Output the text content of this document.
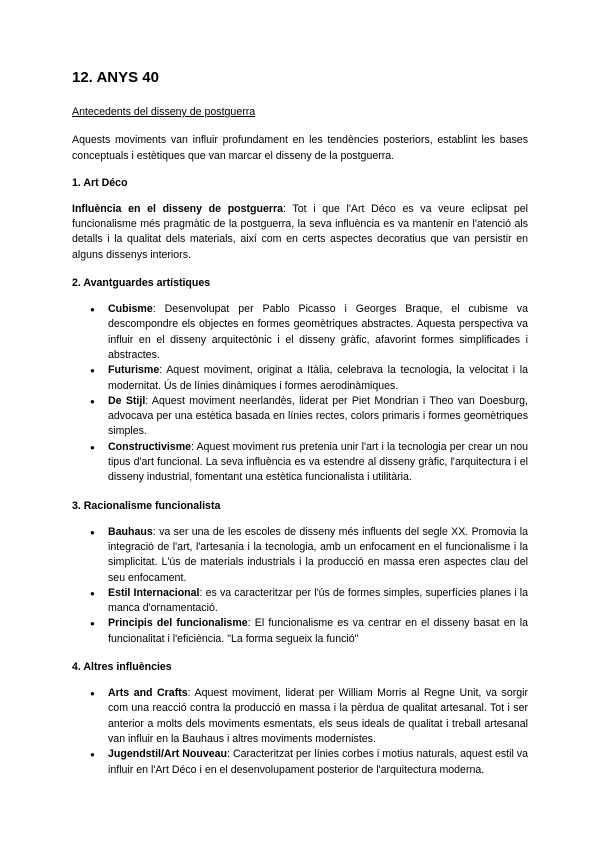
12. ANYS 40

Antecedents del disseny de postguerra

Aquests moviments van influir profundament en les tendències posteriors, establint les bases conceptuals i estètiques que van marcar el disseny de la postguerra.

1. Art Déco

Influència en el disseny de postguerra: Tot i que l'Art Déco es va veure eclipsat pel funcionalisme més pragmàtic de la postguerra, la seva influència es va mantenir en l'atenció als detalls i la qualitat dels materials, així com en certs aspectes decoratius que van persistir en alguns dissenys interiors.

2. Avantguardes artístiques
● Cubisme: Desenvolupat per Pablo Picasso i Georges Braque, el cubisme va descompondre els objectes en formes geomètriques abstractes. Aquesta perspectiva va influir en el disseny arquitectònic i el disseny gràfic, afavorint formes simplificades i abstractes.
● Futurisme: Aquest moviment, originat a Itàlia, celebrava la tecnologia, la velocitat i la modernitat. Ús de línies dinàmiques i formes aerodinàmiques.
● De Stijl: Aquest moviment neerlandès, liderat per Piet Mondrian i Theo van Doesburg, advocava per una estètica basada en línies rectes, colors primaris i formes geomètriques simples.
● Constructivisme: Aquest moviment rus pretenia unir l'art i la tecnologia per crear un nou tipus d'art funcional. La seva influència es va estendre al disseny gràfic, l'arquitectura i el disseny industrial, fomentant una estètica funcionalista i utilitària.
3. Racionalisme funcionalista
● Bauhaus: va ser una de les escoles de disseny més influents del segle XX. Promovia la integració de l'art, l'artesania i la tecnologia, amb un enfocament en el funcionalisme i la simplicitat. L'ús de materials industrials i la producció en massa eren aspectes clau del seu enfocament.
● Estil Internacional: es va caracteritzar per l'ús de formes simples, superfícies planes i la manca d'ornamentació.
● Principis del funcionalisme: El funcionalisme es va centrar en el disseny basat en la funcionalitat i l'eficiència. "La forma segueix la funció"
4. Altres influències
● Arts and Crafts: Aquest moviment, liderat per William Morris al Regne Unit, va sorgir com una reacció contra la producció en massa i la pèrdua de qualitat artesanal. Tot i ser anterior a molts dels moviments esmentats, els seus ideals de qualitat i treball artesanal van influir en la Bauhaus i altres moviments modernistes.
● Jugendstil/Art Nouveau: Caracteritzat per línies corbes i motius naturals, aquest estil va influir en l'Art Déco i en el desenvolupament posterior de l'arquitectura moderna.
